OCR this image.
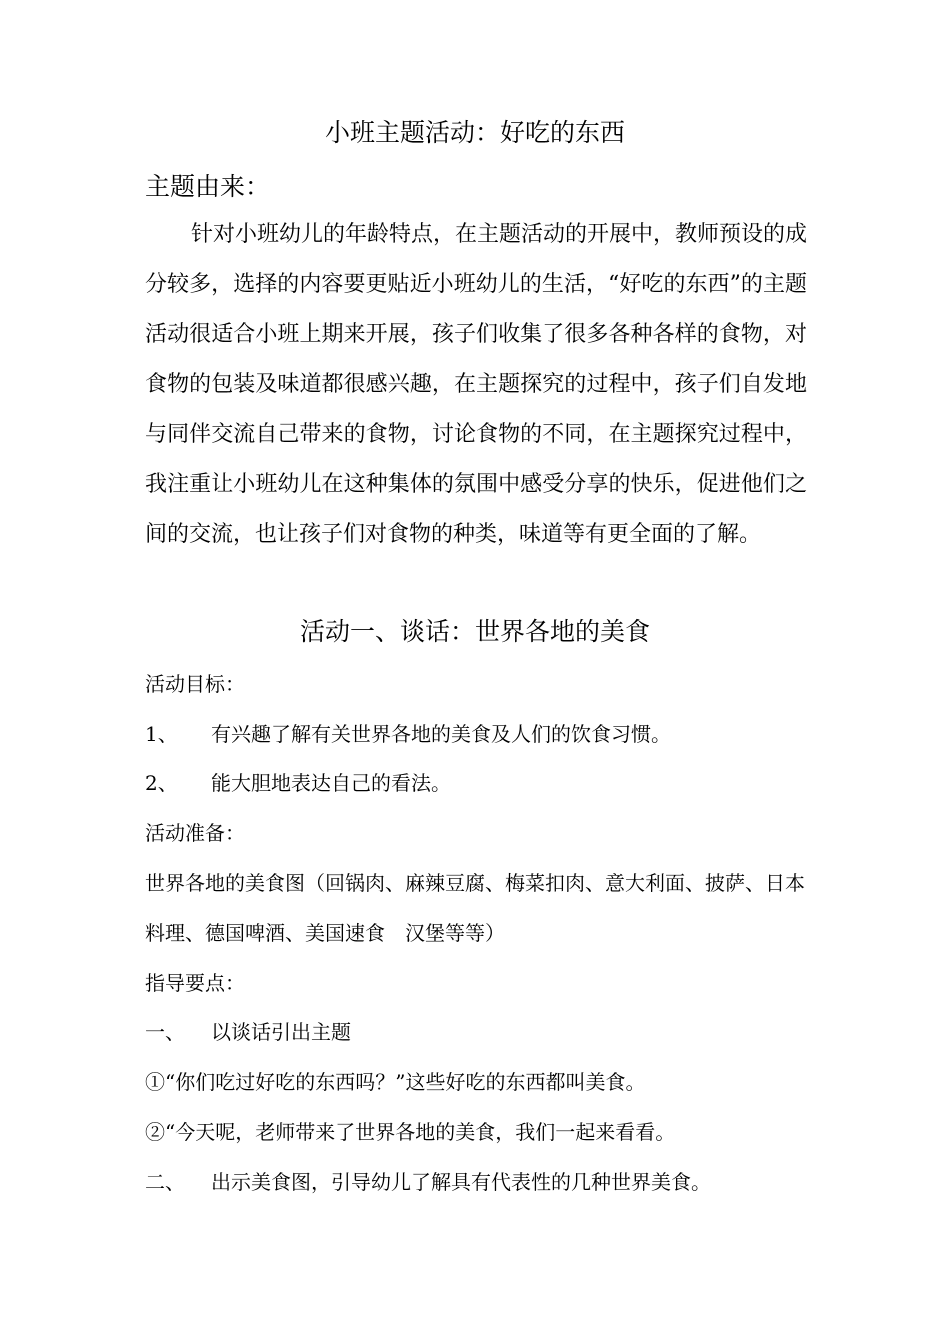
小班主题活动：好吃的东西
主题由来：

针对小班幼儿的年龄特点，在主题活动的开展中，教师预设的成分较多，选择的内容要更贴近小班幼儿的生活，“好吃的东西”的主题活动很适合小班上期来开展，孩子们收集了很多各种各样的食物，对食物的包装及味道都很感兴趣，在主题探究的过程中，孩子们自发地与同伴交流自己带来的食物，讨论食物的不同，在主题探究过程中，我注重让小班幼儿在这种集体的氛围中感受分享的快乐，促进他们之间的交流，也让孩子们对食物的种类，味道等有更全面的了解。

活动一、谈话：世界各地的美食
活动目标：
1、 有兴趣了解有关世界各地的美食及人们的饮食习惯。
2、 能大胆地表达自己的看法。
活动准备：
世界各地的美食图（回锅肉、麻辣豆腐、梅菜扣肉、意大利面、披萨、日本料理、德国啤酒、美国速食　汉堡等等）
指导要点：
一、 以谈话引出主题
①“你们吃过好吃的东西吗？”这些好吃的东西都叫美食。
②“今天呢，老师带来了世界各地的美食，我们一起来看看。
二、 出示美食图，引导幼儿了解具有代表性的几种世界美食。
